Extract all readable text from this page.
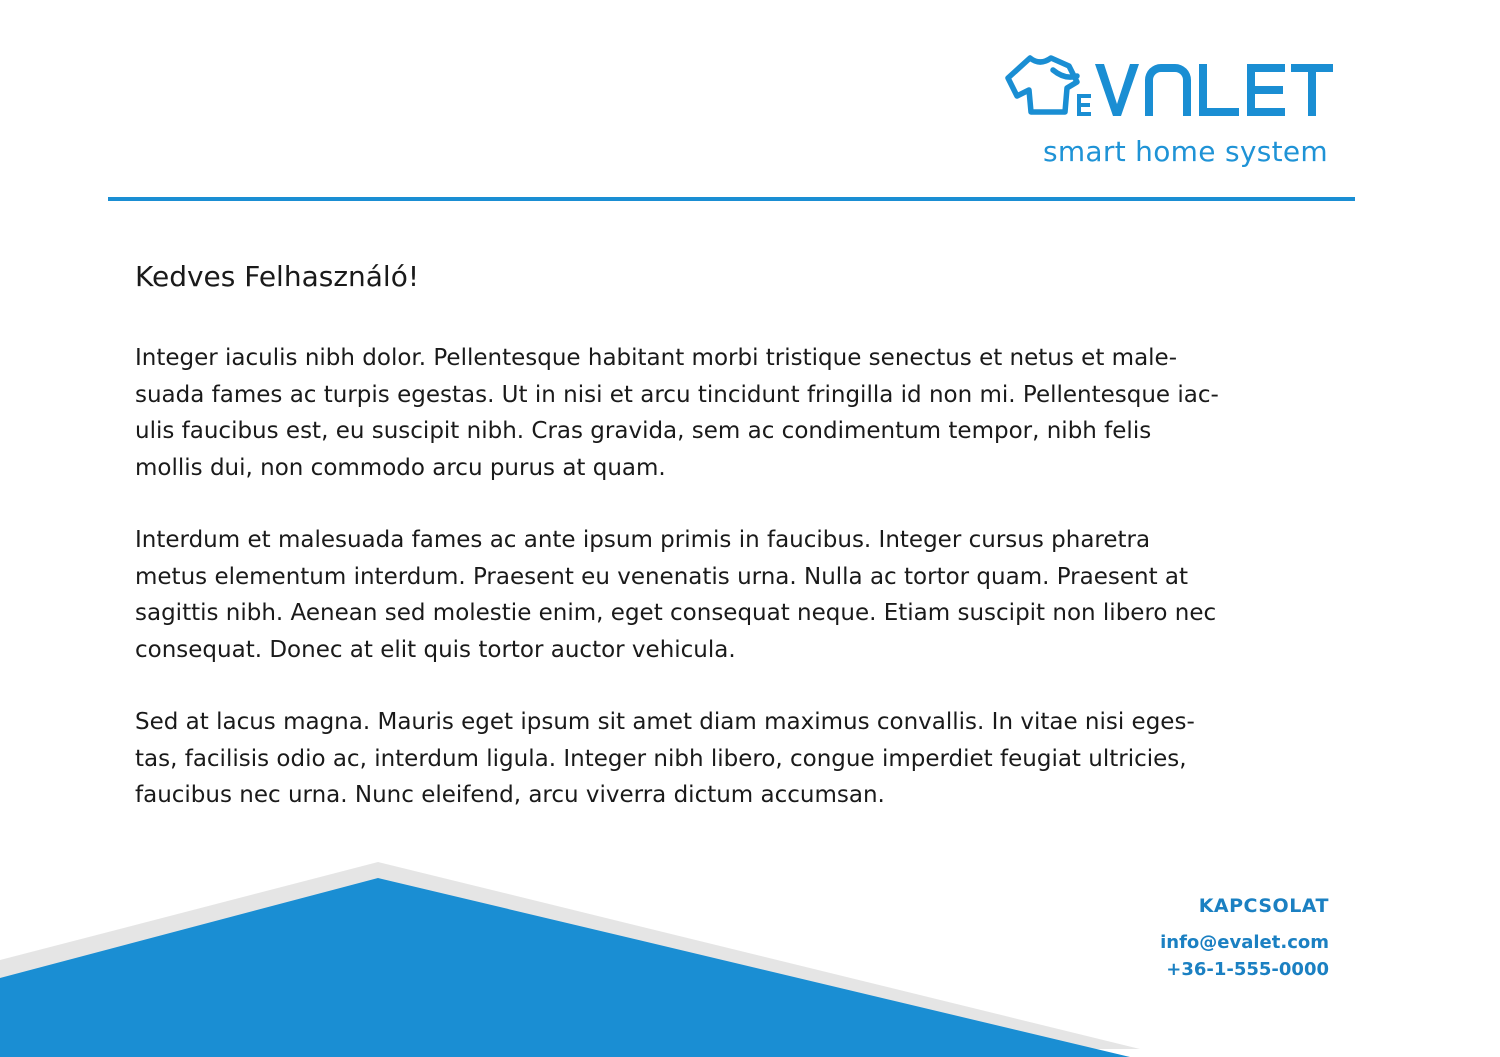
smart home system
Kedves Felhasználó!

Integer iaculis nibh dolor. Pellentesque habitant morbi tristique senectus et netus et male-
suada fames ac turpis egestas. Ut in nisi et arcu tincidunt fringilla id non mi. Pellentesque iac-
ulis faucibus est, eu suscipit nibh. Cras gravida, sem ac condimentum tempor, nibh felis
mollis dui, non commodo arcu purus at quam.

Interdum et malesuada fames ac ante ipsum primis in faucibus. Integer cursus pharetra
metus elementum interdum. Praesent eu venenatis urna. Nulla ac tortor quam. Praesent at
sagittis nibh. Aenean sed molestie enim, eget consequat neque. Etiam suscipit non libero nec
consequat. Donec at elit quis tortor auctor vehicula.

Sed at lacus magna. Mauris eget ipsum sit amet diam maximus convallis. In vitae nisi eges-
tas, facilisis odio ac, interdum ligula. Integer nibh libero, congue imperdiet feugiat ultricies,
faucibus nec urna. Nunc eleifend, arcu viverra dictum accumsan.

KAPCSOLAT
info@evalet.com
+36-1-555-0000
